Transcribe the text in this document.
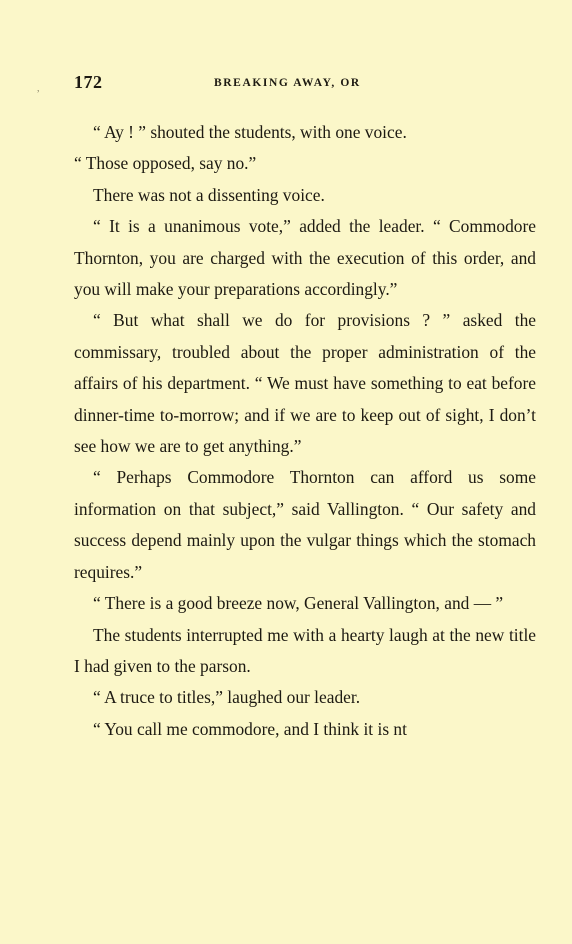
, 172	BREAKING AWAY, OR

“ Ay ! ” shouted the students, with one voice.

“ Those opposed, say no.”

There was not a dissenting voice.

“ It is a unanimous vote,” added the leader. “ Commodore Thornton, you are charged with the execution of this order, and you will make your preparations accordingly.”

“ But what shall we do for provisions ? ” asked the commissary, troubled about the proper administration of the affairs of his department. “ We must have something to eat before dinner-time to-morrow; and if we are to keep out of sight, I don’t see how we are to get anything.”

“ Perhaps Commodore Thornton can afford us some information on that subject,” said Vallington. “ Our safety and success depend mainly upon the vulgar things which the stomach requires.”

“ There is a good breeze now, General Vallington, and — ”

The students interrupted me with a hearty laugh at the new title I had given to the parson.

“ A truce to titles,” laughed our leader.

“ You call me commodore, and I think it is nt
